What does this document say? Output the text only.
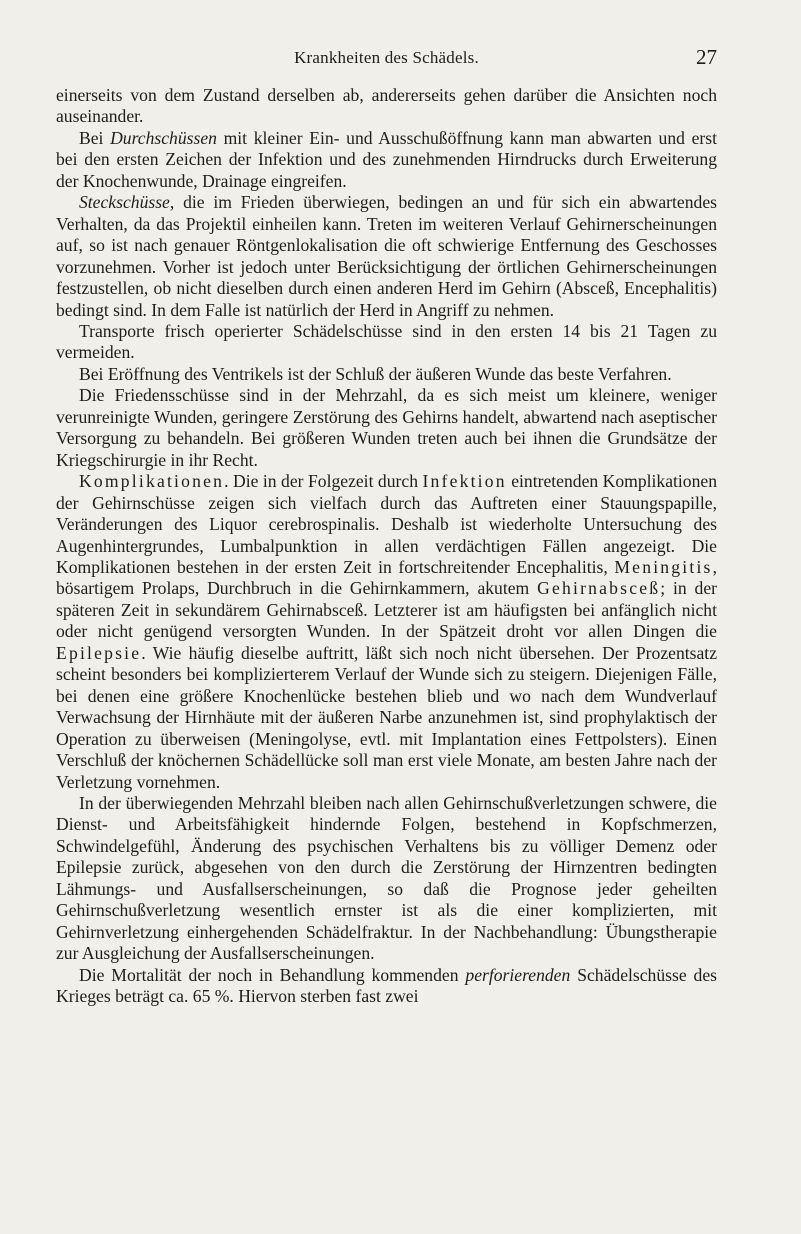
Krankheiten des Schädels.	27

einerseits von dem Zustand derselben ab, andererseits gehen darüber die Ansichten noch auseinander.

Bei Durchschüssen mit kleiner Ein- und Ausschußöffnung kann man abwarten und erst bei den ersten Zeichen der Infektion und des zunehmenden Hirndrucks durch Erweiterung der Knochenwunde, Drainage eingreifen.

Steckschüsse, die im Frieden überwiegen, bedingen an und für sich ein abwartendes Verhalten, da das Projektil einheilen kann. Treten im weiteren Verlauf Gehirnerscheinungen auf, so ist nach genauer Röntgenlokalisation die oft schwierige Entfernung des Geschosses vorzunehmen. Vorher ist jedoch unter Berücksichtigung der örtlichen Gehirnerscheinungen festzustellen, ob nicht dieselben durch einen anderen Herd im Gehirn (Absceß, Encephalitis) bedingt sind. In dem Falle ist natürlich der Herd in Angriff zu nehmen.

Transporte frisch operierter Schädelschüsse sind in den ersten 14 bis 21 Tagen zu vermeiden.

Bei Eröffnung des Ventrikels ist der Schluß der äußeren Wunde das beste Verfahren.

Die Friedensschüsse sind in der Mehrzahl, da es sich meist um kleinere, weniger verunreinigte Wunden, geringere Zerstörung des Gehirns handelt, abwartend nach aseptischer Versorgung zu behandeln. Bei größeren Wunden treten auch bei ihnen die Grundsätze der Kriegschirurgie in ihr Recht.

Komplikationen. Die in der Folgezeit durch Infektion eintretenden Komplikationen der Gehirnschüsse zeigen sich vielfach durch das Auftreten einer Stauungspapille, Veränderungen des Liquor cerebrospinalis. Deshalb ist wiederholte Untersuchung des Augenhintergrundes, Lumbalpunktion in allen verdächtigen Fällen angezeigt. Die Komplikationen bestehen in der ersten Zeit in fortschreitender Encephalitis, Meningitis, bösartigem Prolaps, Durchbruch in die Gehirnkammern, akutem Gehirnabsceß; in der späteren Zeit in sekundärem Gehirnabsceß. Letzterer ist am häufigsten bei anfänglich nicht oder nicht genügend versorgten Wunden. In der Spätzeit droht vor allen Dingen die Epilepsie. Wie häufig dieselbe auftritt, läßt sich noch nicht übersehen. Der Prozentsatz scheint besonders bei komplizierterem Verlauf der Wunde sich zu steigern. Diejenigen Fälle, bei denen eine größere Knochenlücke bestehen blieb und wo nach dem Wundverlauf Verwachsung der Hirnhäute mit der äußeren Narbe anzunehmen ist, sind prophylaktisch der Operation zu überweisen (Meningolyse, evtl. mit Implantation eines Fettpolsters). Einen Verschluß der knöchernen Schädellücke soll man erst viele Monate, am besten Jahre nach der Verletzung vornehmen.

In der überwiegenden Mehrzahl bleiben nach allen Gehirnschußverletzungen schwere, die Dienst- und Arbeitsfähigkeit hindernde Folgen, bestehend in Kopfschmerzen, Schwindelgefühl, Änderung des psychischen Verhaltens bis zu völliger Demenz oder Epilepsie zurück, abgesehen von den durch die Zerstörung der Hirnzentren bedingten Lähmungs- und Ausfallserscheinungen, so daß die Prognose jeder geheilten Gehirnschußverletzung wesentlich ernster ist als die einer komplizierten, mit Gehirnverletzung einhergehenden Schädelfraktur. In der Nachbehandlung: Übungstherapie zur Ausgleichung der Ausfallserscheinungen.

Die Mortalität der noch in Behandlung kommenden perforierenden Schädelschüsse des Krieges beträgt ca. 65 %. Hiervon sterben fast zwei
